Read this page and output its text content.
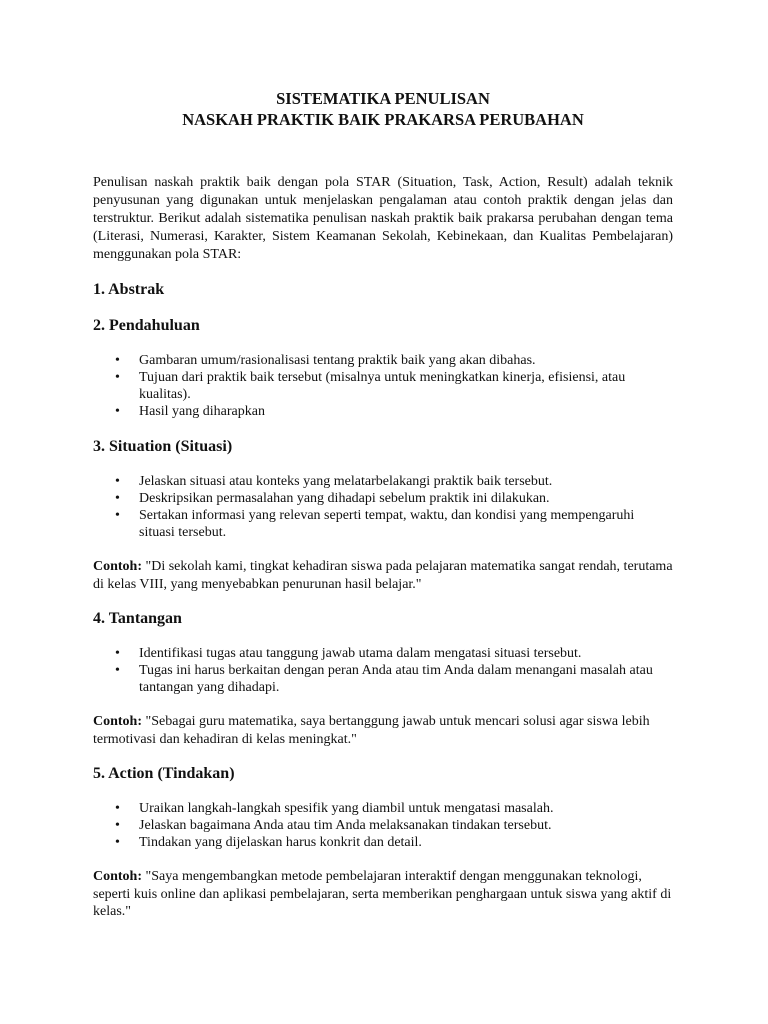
SISTEMATIKA PENULISAN
NASKAH PRAKTIK BAIK PRAKARSA PERUBAHAN

Penulisan naskah praktik baik dengan pola STAR (Situation, Task, Action, Result) adalah teknik penyusunan yang digunakan untuk menjelaskan pengalaman atau contoh praktik dengan jelas dan terstruktur. Berikut adalah sistematika penulisan naskah praktik baik prakarsa perubahan dengan tema (Literasi, Numerasi, Karakter, Sistem Keamanan Sekolah, Kebinekaan, dan Kualitas Pembelajaran) menggunakan pola STAR:

1. Abstrak
2. Pendahuluan
• Gambaran umum/rasionalisasi tentang praktik baik yang akan dibahas.
• Tujuan dari praktik baik tersebut (misalnya untuk meningkatkan kinerja, efisiensi, atau kualitas).
• Hasil yang diharapkan
3. Situation (Situasi)
• Jelaskan situasi atau konteks yang melatarbelakangi praktik baik tersebut.
• Deskripsikan permasalahan yang dihadapi sebelum praktik ini dilakukan.
• Sertakan informasi yang relevan seperti tempat, waktu, dan kondisi yang mempengaruhi situasi tersebut.

Contoh: "Di sekolah kami, tingkat kehadiran siswa pada pelajaran matematika sangat rendah, terutama di kelas VIII, yang menyebabkan penurunan hasil belajar."

4. Tantangan
• Identifikasi tugas atau tanggung jawab utama dalam mengatasi situasi tersebut.
• Tugas ini harus berkaitan dengan peran Anda atau tim Anda dalam menangani masalah atau tantangan yang dihadapi.

Contoh: "Sebagai guru matematika, saya bertanggung jawab untuk mencari solusi agar siswa lebih termotivasi dan kehadiran di kelas meningkat."

5. Action (Tindakan)
• Uraikan langkah-langkah spesifik yang diambil untuk mengatasi masalah.
• Jelaskan bagaimana Anda atau tim Anda melaksanakan tindakan tersebut.
• Tindakan yang dijelaskan harus konkrit dan detail.

Contoh: "Saya mengembangkan metode pembelajaran interaktif dengan menggunakan teknologi, seperti kuis online dan aplikasi pembelajaran, serta memberikan penghargaan untuk siswa yang aktif di kelas."
